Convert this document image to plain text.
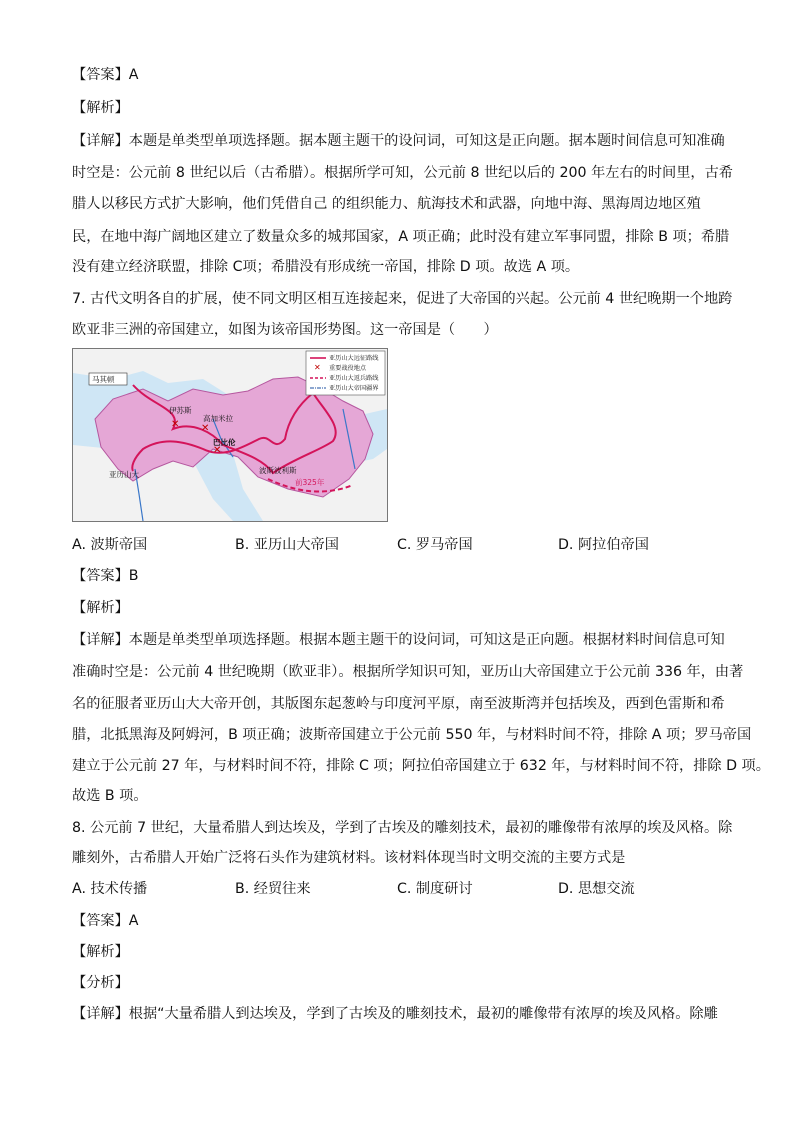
【答案】A
【解析】
【详解】本题是单类型单项选择题。据本题主题干的设问词，可知这是正向题。据本题时间信息可知准确
时空是：公元前 8 世纪以后（古希腊）。根据所学可知，公元前 8 世纪以后的 200 年左右的时间里，古希
腊人以移民方式扩大影响，他们凭借自己 的组织能力、航海技术和武器，向地中海、黑海周边地区殖
民，在地中海广阔地区建立了数量众多的城邦国家，A 项正确；此时没有建立军事同盟，排除 B 项；希腊
没有建立经济联盟，排除 C项；希腊没有形成统一帝国，排除 D 项。故选 A 项。
7. 古代文明各自的扩展，使不同文明区相互连接起来，促进了大帝国的兴起。公元前 4 世纪晚期一个地跨
欧亚非三洲的帝国建立，如图为该帝国形势图。这一帝国是（　　）
✕ ✕
✕
马其顿
伊苏斯
高加米拉
巴比伦
亚历山大	波斯波利斯
前325年
亚历山大远征路线
✕ 重要战役地点
亚历山大返兵路线
亚历山大帝国疆界
A. 波斯帝国	B. 亚历山大帝国	C. 罗马帝国	D. 阿拉伯帝国
【答案】B
【解析】
【详解】本题是单类型单项选择题。根据本题主题干的设问词，可知这是正向题。根据材料时间信息可知
准确时空是：公元前 4 世纪晚期（欧亚非）。根据所学知识可知，亚历山大帝国建立于公元前 336 年，由著
名的征服者亚历山大大帝开创，其版图东起葱岭与印度河平原，南至波斯湾并包括埃及，西到色雷斯和希
腊，北抵黑海及阿姆河，B 项正确；波斯帝国建立于公元前 550 年，与材料时间不符，排除 A 项；罗马帝国
建立于公元前 27 年，与材料时间不符，排除 C 项；阿拉伯帝国建立于 632 年，与材料时间不符，排除 D 项。
故选 B 项。
8. 公元前 7 世纪，大量希腊人到达埃及，学到了古埃及的雕刻技术，最初的雕像带有浓厚的埃及风格。除
雕刻外，古希腊人开始广泛将石头作为建筑材料。该材料体现当时文明交流的主要方式是
A. 技术传播	B. 经贸往来	C. 制度研讨	D. 思想交流
【答案】A
【解析】
【分析】
【详解】根据“大量希腊人到达埃及，学到了古埃及的雕刻技术，最初的雕像带有浓厚的埃及风格。除雕
